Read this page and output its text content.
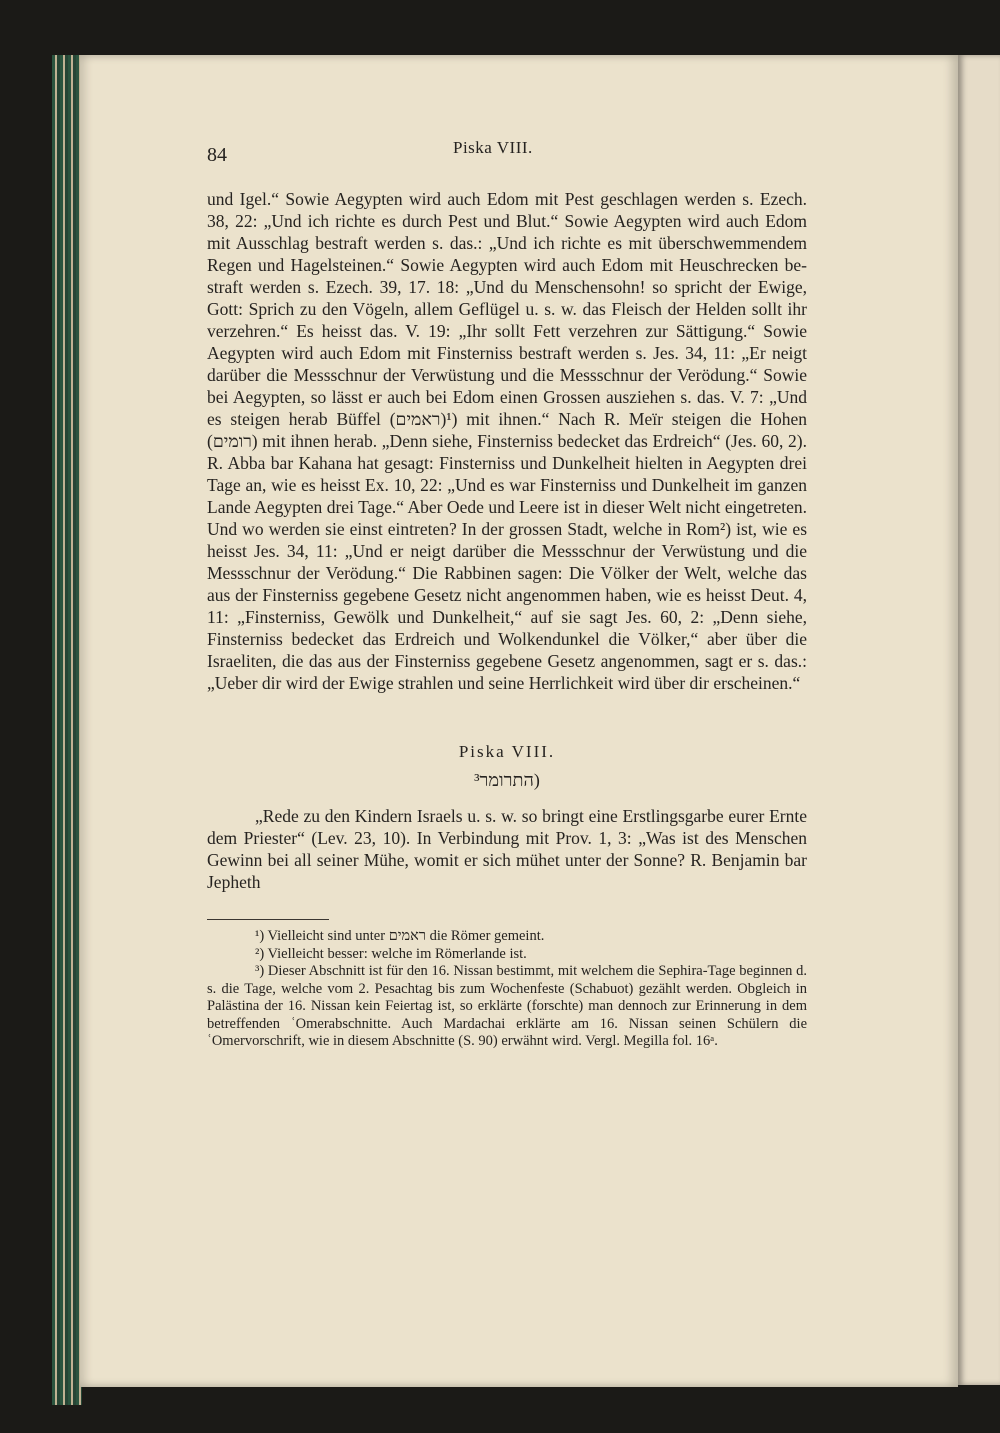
84	Piska VIII.

und Igel.“ Sowie Aegypten wird auch Edom mit Pest geschlagen werden s. Ezech. 38, 22: „Und ich richte es durch Pest und Blut.“ Sowie Aegypten wird auch Edom mit Ausschlag bestraft werden s. das.: „Und ich richte es mit überschwemmendem Regen und Hagelsteinen.“ Sowie Aegypten wird auch Edom mit Heuschrecken bestraft werden s. Ezech. 39, 17. 18: „Und du Menschensohn! so spricht der Ewige, Gott: Sprich zu den Vögeln, allem Geflügel u. s. w. das Fleisch der Helden sollt ihr verzehren.“ Es heisst das. V. 19: „Ihr sollt Fett verzehren zur Sättigung.“ Sowie Aegypten wird auch Edom mit Finsterniss bestraft werden s. Jes. 34, 11: „Er neigt darüber die Messschnur der Verwüstung und die Messschnur der Verödung.“ Sowie bei Aegypten, so lässt er auch bei Edom einen Grossen ausziehen s. das. V. 7: „Und es steigen herab Büffel (ראמים)¹) mit ihnen.“ Nach R. Meïr steigen die Hohen (רומים) mit ihnen herab. „Denn siehe, Finsterniss bedecket das Erdreich“ (Jes. 60, 2). R. Abba bar Kahana hat gesagt: Finsterniss und Dunkelheit hielten in Aegypten drei Tage an, wie es heisst Ex. 10, 22: „Und es war Finsterniss und Dunkelheit im ganzen Lande Aegypten drei Tage.“ Aber Oede und Leere ist in dieser Welt nicht eingetreten. Und wo werden sie einst eintreten? In der grossen Stadt, welche in Rom²) ist, wie es heisst Jes. 34, 11: „Und er neigt darüber die Messschnur der Verwüstung und die Messschnur der Verödung.“ Die Rabbinen sagen: Die Völker der Welt, welche das aus der Finsterniss gegebene Gesetz nicht angenommen haben, wie es heisst Deut. 4, 11: „Finsterniss, Gewölk und Dunkelheit,“ auf sie sagt Jes. 60, 2: „Denn siehe, Finsterniss bedecket das Erdreich und Wolkendunkel die Völker,“ aber über die Israeliten, die das aus der Finsterniss gegebene Gesetz angenommen, sagt er s. das.: „Ueber dir wird der Ewige strahlen und seine Herrlichkeit wird über dir erscheinen.“

Piska VIII.
התרומר³)

„Rede zu den Kindern Israels u. s. w. so bringt eine Erstlingsgarbe eurer Ernte dem Priester“ (Lev. 23, 10). In Verbindung mit Prov. 1, 3: „Was ist des Menschen Gewinn bei all seiner Mühe, womit er sich mühet unter der Sonne? R. Benjamin bar Jepheth

¹) Vielleicht sind unter ראמים die Römer gemeint.

²) Vielleicht besser: welche im Römerlande ist.

³) Dieser Abschnitt ist für den 16. Nissan bestimmt, mit welchem die Sephira-Tage beginnen d. s. die Tage, welche vom 2. Pesachtag bis zum Wochenfeste (Schabuot) gezählt werden. Obgleich in Palästina der 16. Nissan kein Feiertag ist, so erklärte (forschte) man dennoch zur Erinnerung in dem betreffenden ʿOmerabschnitte. Auch Mardachai erklärte am 16. Nissan seinen Schülern die ʿOmervorschrift, wie in diesem Abschnitte (S. 90) erwähnt wird. Vergl. Megilla fol. 16ᵃ.
